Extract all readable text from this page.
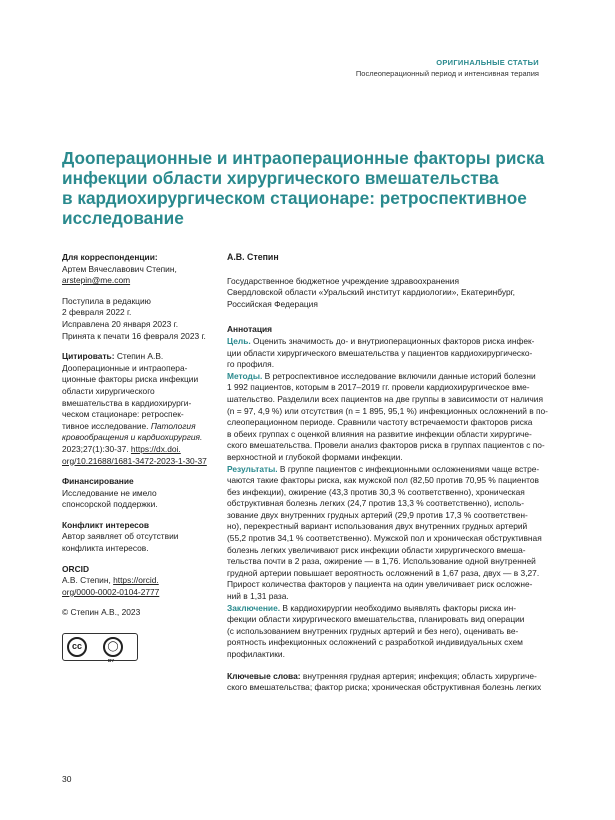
ОРИГИНАЛЬНЫЕ СТАТЬИ
Послеоперационный период и интенсивная терапия
Дооперационные и интраоперационные факторы риска
инфекции области хирургического вмешательства
в кардиохирургическом стационаре: ретроспективное
исследование
Для корреспонденции:
Артем Вячеславович Степин,
arstepin@me.com
Поступила в редакцию
2 февраля 2022 г.
Исправлена 20 января 2023 г.
Принята к печати 16 февраля 2023 г.
Цитировать: Степин А.В.
Дооперационные и интраопера-
ционные факторы риска инфекции
области хирургического
вмешательства в кардиохирурги-
ческом стационаре: ретроспек-
тивное исследование. Патология
кровообращения и кардиохирургия.
2023;27(1):30-37. https://dx.doi.
org/10.21688/1681-3472-2023-1-30-37
Финансирование
Исследование не имело
спонсорской поддержки.
Конфликт интересов
Автор заявляет об отсутствии
конфликта интересов.
ORCID
А.В. Степин, https://orcid.
org/0000-0002-0104-2777
© Степин А.В., 2023
cc	◯
BY
А.В. Степин
Государственное бюджетное учреждение здравоохранения
Свердловской области «Уральский институт кардиологии», Екатеринбург,
Российская Федерация
Аннотация
Цель. Оценить значимость до- и внутриоперационных факторов риска инфек-
ции области хирургического вмешательства у пациентов кардиохирургическо-
го профиля.
Методы. В ретроспективное исследование включили данные историй болезни
1 992 пациентов, которым в 2017–2019 гг. провели кардиохирургическое вме-
шательство. Разделили всех пациентов на две группы в зависимости от наличия
(n = 97, 4,9 %) или отсутствия (n = 1 895, 95,1 %) инфекционных осложнений в по-
слеоперационном периоде. Сравнили частоту встречаемости факторов риска
в обеих группах с оценкой влияния на развитие инфекции области хирургиче-
ского вмешательства. Провели анализ факторов риска в группах пациентов с по-
верхностной и глубокой формами инфекции.
Результаты. В группе пациентов с инфекционными осложнениями чаще встре-
чаются такие факторы риска, как мужской пол (82,50 против 70,95 % пациентов
без инфекции), ожирение (43,3 против 30,3 % соответственно), хроническая
обструктивная болезнь легких (24,7 против 13,3 % соответственно), исполь-
зование двух внутренних грудных артерий (29,9 против 17,3 % соответствен-
но), перекрестный вариант использования двух внутренних грудных артерий
(55,2 против 34,1 % соответственно). Мужской пол и хроническая обструктивная
болезнь легких увеличивают риск инфекции области хирургического вмеша-
тельства почти в 2 раза, ожирение — в 1,76. Использование одной внутренней
грудной артерии повышает вероятность осложнений в 1,67 раза, двух — в 3,27.
Прирост количества факторов у пациента на один увеличивает риск осложне-
ний в 1,31 раза.
Заключение. В кардиохирургии необходимо выявлять факторы риска ин-
фекции области хирургического вмешательства, планировать вид операции
(с использованием внутренних грудных артерий и без него), оценивать ве-
роятность инфекционных осложнений с разработкой индивидуальных схем
профилактики.
Ключевые слова: внутренняя грудная артерия; инфекция; область хирургиче-
ского вмешательства; фактор риска; хроническая обструктивная болезнь легких
30
